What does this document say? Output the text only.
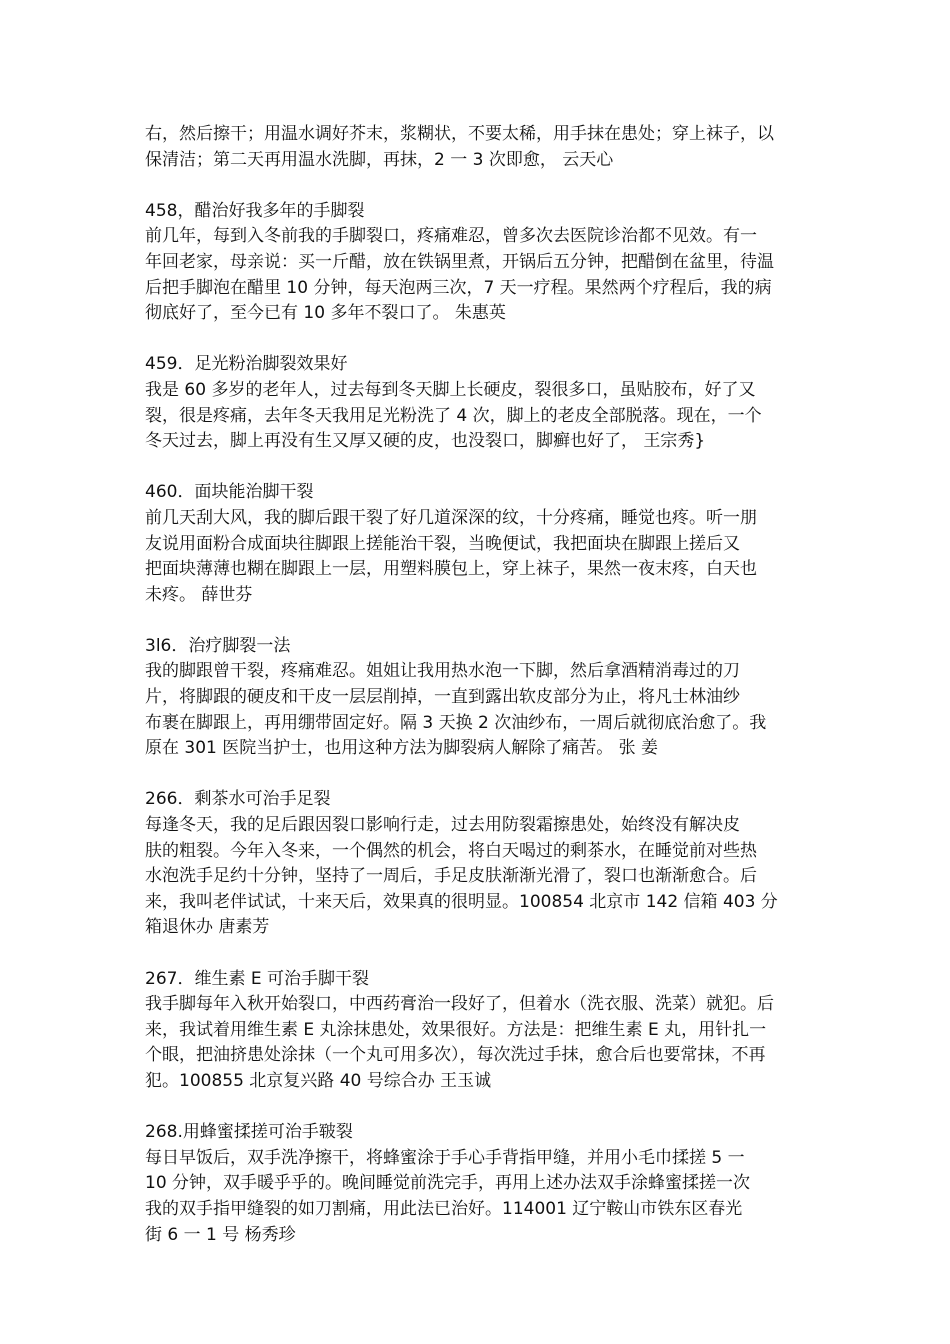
右，然后擦干；用温水调好芥末，浆糊状，不要太稀，用手抹在患处；穿上袜子，以
保清洁；第二天再用温水洗脚，再抹，2 一 3 次即愈， 云天心

458，醋治好我多年的手脚裂

前几年，每到入冬前我的手脚裂口，疼痛难忍，曾多次去医院诊治都不见效。有一
年回老家，母亲说：买一斤醋，放在铁锅里煮，开锅后五分钟，把醋倒在盆里，待温
后把手脚泡在醋里 10 分钟，每天泡两三次，7 天一疗程。果然两个疗程后，我的病
彻底好了，至今已有 10 多年不裂口了。 朱惠英

459．足光粉治脚裂效果好

我是 60 多岁的老年人，过去每到冬天脚上长硬皮，裂很多口，虽贴胶布，好了又
裂，很是疼痛，去年冬天我用足光粉洗了 4 次，脚上的老皮全部脱落。现在，一个
冬天过去，脚上再没有生又厚又硬的皮，也没裂口，脚癣也好了， 王宗秀}

460．面块能治脚干裂

前几天刮大风，我的脚后跟干裂了好几道深深的纹，十分疼痛，睡觉也疼。听一朋
友说用面粉合成面块往脚跟上搓能治干裂，当晚便试，我把面块在脚跟上搓后又
把面块薄薄也糊在脚跟上一层，用塑料膜包上，穿上袜子，果然一夜末疼，白天也
未疼。 薛世芬

3l6．治疗脚裂一法

我的脚跟曾干裂，疼痛难忍。姐姐让我用热水泡一下脚，然后拿酒精消毒过的刀
片，将脚跟的硬皮和干皮一层层削掉，一直到露出软皮部分为止，将凡士林油纱
布裹在脚跟上，再用绷带固定好。隔 3 天换 2 次油纱布，一周后就彻底治愈了。我
原在 301 医院当护士，也用这种方法为脚裂病人解除了痛苦。 张 姜

266．剩茶水可治手足裂

每逢冬天，我的足后跟因裂口影响行走，过去用防裂霜擦患处，始终没有解决皮
肤的粗裂。今年入冬来，一个偶然的机会，将白天喝过的剩茶水，在睡觉前对些热
水泡洗手足约十分钟，坚持了一周后，手足皮肤渐渐光滑了，裂口也渐渐愈合。后
来，我叫老伴试试，十来天后，效果真的很明显。100854 北京市 142 信箱 403 分
箱退休办 唐素芳

267．维生素 E 可治手脚干裂

我手脚每年入秋开始裂口，中西药膏治一段好了，但着水（洗衣服、洗菜）就犯。后
来，我试着用维生素 E 丸涂抹患处，效果很好。方法是：把维生素 E 丸，用针扎一
个眼，把油挤患处涂抹（一个丸可用多次），每次洗过手抹，愈合后也要常抹，不再
犯。100855 北京复兴路 40 号综合办 王玉诚

268.用蜂蜜揉搓可治手皲裂

每日早饭后，双手洗净擦干，将蜂蜜涂于手心手背指甲缝，并用小毛巾揉搓 5 一
10 分钟，双手暖乎乎的。晚间睡觉前洗完手，再用上述办法双手涂蜂蜜揉搓一次
我的双手指甲缝裂的如刀割痛，用此法已治好。114001 辽宁鞍山市铁东区春光
街 6 一 1 号 杨秀珍
